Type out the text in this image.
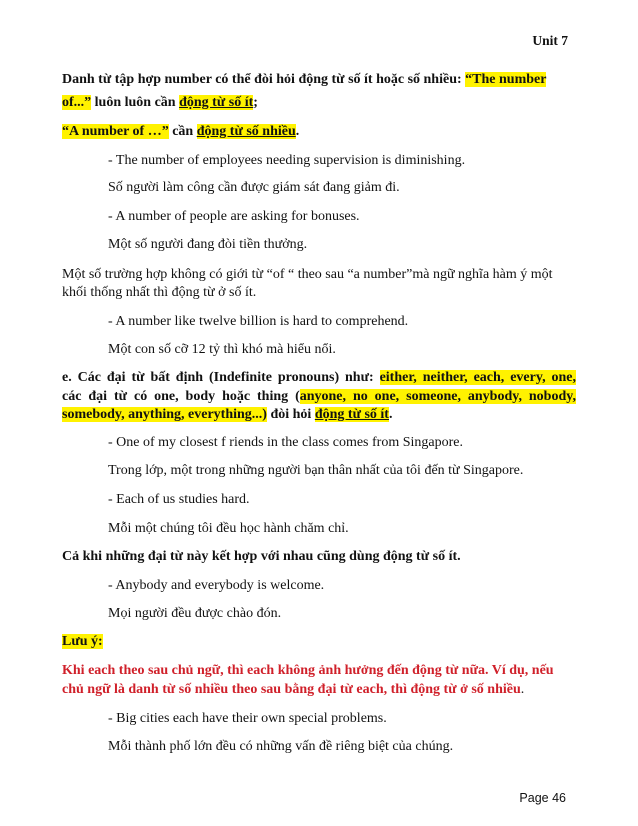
Unit 7
Danh từ tập hợp number có thể đòi hỏi động từ số ít hoặc số nhiều: “The number
of...” luôn luôn cần động từ số ít;
“A number of …” cần động từ số nhiều.
- The number of employees needing supervision is diminishing.
Số người làm công cần được giám sát đang giảm đi.
- A number of people are asking for bonuses.
Một số người đang đòi tiền thưởng.
Một số trường hợp không có giới từ “of “ theo sau “a number”mà ngữ nghĩa hàm ý một
khối thống nhất thì động từ ở số ít.
- A number like twelve billion is hard to comprehend.
Một con số cỡ 12 tỷ thì khó mà hiểu nổi.
e. Các đại từ bất định (Indefinite pronouns) như: either, neither, each, every, one,
các đại từ có one, body hoặc thing (anyone, no one, someone, anybody, nobody,
somebody, anything, everything...) đòi hỏi động từ số ít.
- One of my closest f riends in the class comes from Singapore.
Trong lớp, một trong những người bạn thân nhất của tôi đến từ Singapore.
- Each of us studies hard.
Mỗi một chúng tôi đều học hành chăm chỉ.
Cả khi những đại từ này kết hợp với nhau cũng dùng động từ số ít.
- Anybody and everybody is welcome.
Mọi người đều được chào đón.
Lưu ý:
Khi each theo sau chủ ngữ, thì each không ảnh hưởng đến động từ nữa. Ví dụ, nếu
chủ ngữ là danh từ số nhiều theo sau bằng đại từ each, thì động từ ở số nhiều.
- Big cities each have their own special problems.
Mỗi thành phố lớn đều có những vấn đề riêng biệt của chúng.
Page 46
